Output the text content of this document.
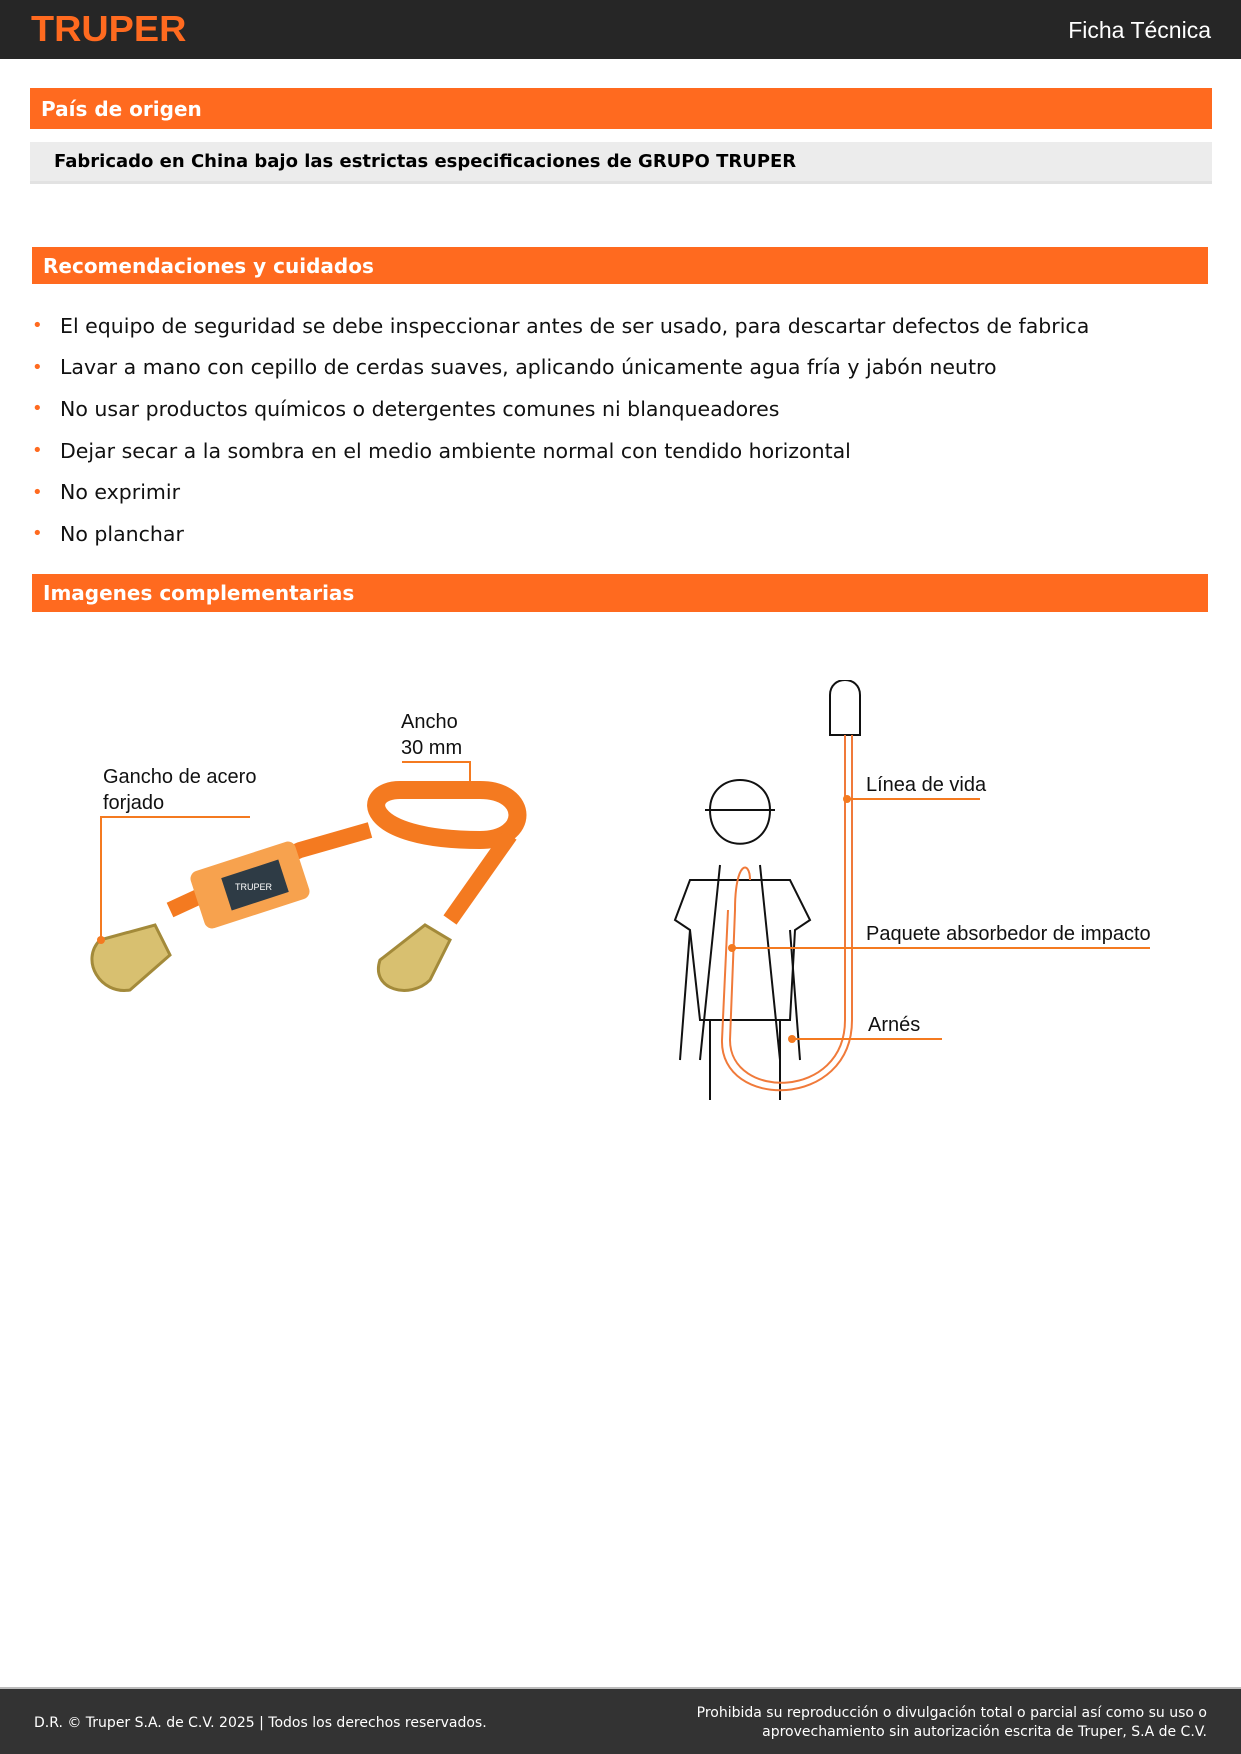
TRUPER	Ficha Técnica
País de origen
Fabricado en China bajo las estrictas especificaciones de GRUPO TRUPER
Recomendaciones y cuidados
• El equipo de seguridad se debe inspeccionar antes de ser usado, para descartar defectos de fabrica
• Lavar a mano con cepillo de cerdas suaves, aplicando únicamente agua fría y jabón neutro
• No usar productos químicos o detergentes comunes ni blanqueadores
• Dejar secar a la sombra en el medio ambiente normal con tendido horizontal
• No exprimir
• No planchar
Imagenes complementarias
TRUPER
Ancho
30 mm
Gancho de acero
forjado
Línea de vida
Paquete absorbedor de impacto
Arnés
D.R. © Truper S.A. de C.V. 2025 | Todos los derechos reservados.
Prohibida su reproducción o divulgación total o parcial así como su uso o
aprovechamiento sin autorización escrita de Truper, S.A de C.V.
